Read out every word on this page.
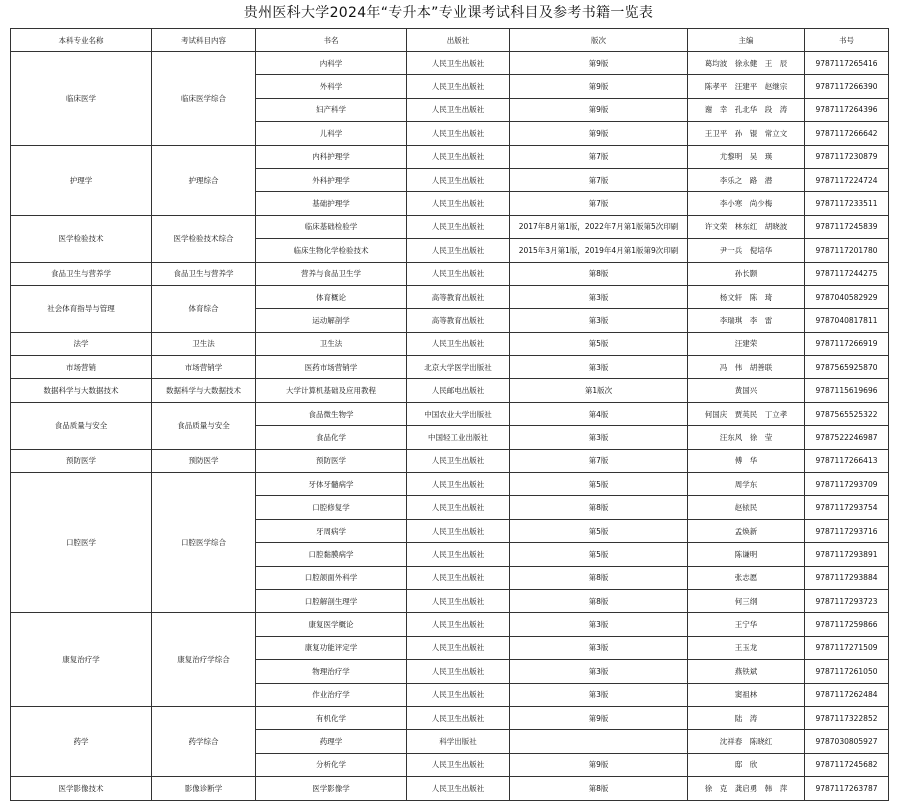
贵州医科大学2024年“专升本”专业课考试科目及参考书籍一览表
本科专业名称	考试科目内容	书名	出版社	版次	主编	书号
临床医学	临床医学综合	内科学	人民卫生出版社	第9版	葛均波　徐永健　王　辰	9787117265416
		外科学	人民卫生出版社	第9版	陈孝平　汪建平　赵继宗	9787117266390
		妇产科学	人民卫生出版社	第9版	谢　幸　孔北华　段　涛	9787117264396
		儿科学	人民卫生出版社	第9版	王卫平　孙　锟　常立文	9787117266642
护理学	护理综合	内科护理学	人民卫生出版社	第7版	尤黎明　吴　瑛	9787117230879
		外科护理学	人民卫生出版社	第7版	李乐之　路　潜	9787117224724
		基础护理学	人民卫生出版社	第7版	李小寒　尚少梅	9787117233511
医学检验技术	医学检验技术综合	临床基础检验学	人民卫生出版社	2017年8月第1版，2022年7月第1版第5次印刷	许文荣　林东红　胡晓波	9787117245839
		临床生物化学检验技术	人民卫生出版社	2015年3月第1版，2019年4月第1版第9次印刷	尹一兵　倪培华	9787117201780
食品卫生与营养学	食品卫生与营养学	营养与食品卫生学	人民卫生出版社	第8版	孙长颢	9787117244275
社会体育指导与管理	体育综合	体育概论	高等教育出版社	第3版	杨文轩　陈　琦	9787040582929
		运动解剖学	高等教育出版社	第3版	李瑞琪　李　雷	9787040817811
法学	卫生法	卫生法	人民卫生出版社	第5版	汪建荣	9787117266919
市场营销	市场营销学	医药市场营销学	北京大学医学出版社	第3版	冯　伟　胡善联	9787565925870
数据科学与大数据技术	数据科学与大数据技术	大学计算机基础及应用教程	人民邮电出版社	第1版次	黄国兴	9787115619696
食品质量与安全	食品质量与安全	食品微生物学	中国农业大学出版社	第4版	何国庆　贾英民　丁立孝	9787565525322
		食品化学	中国轻工业出版社	第3版	汪东风　徐　莹	9787522246987
预防医学	预防医学	预防医学	人民卫生出版社	第7版	傅　华	9787117266413
口腔医学	口腔医学综合	牙体牙髓病学	人民卫生出版社	第5版	周学东	9787117293709
		口腔修复学	人民卫生出版社	第8版	赵铱民	9787117293754
		牙周病学	人民卫生出版社	第5版	孟焕新	9787117293716
		口腔黏膜病学	人民卫生出版社	第5版	陈谦明	9787117293891
		口腔颌面外科学	人民卫生出版社	第8版	张志愿	9787117293884
		口腔解剖生理学	人民卫生出版社	第8版	何三纲	9787117293723
康复治疗学	康复治疗学综合	康复医学概论	人民卫生出版社	第3版	王宁华	9787117259866
		康复功能评定学	人民卫生出版社	第3版	王玉龙	9787117271509
		物理治疗学	人民卫生出版社	第3版	燕铁斌	9787117261050
		作业治疗学	人民卫生出版社	第3版	窦祖林	9787117262484
药学	药学综合	有机化学	人民卫生出版社	第9版	陆　涛	9787117322852
		药理学	科学出版社		沈祥春　陈晓红	9787030805927
		分析化学	人民卫生出版社	第9版	邸　欣	9787117245682
医学影像技术	影像诊断学	医学影像学	人民卫生出版社	第8版	徐　克　龚启勇　韩　萍	9787117263787
